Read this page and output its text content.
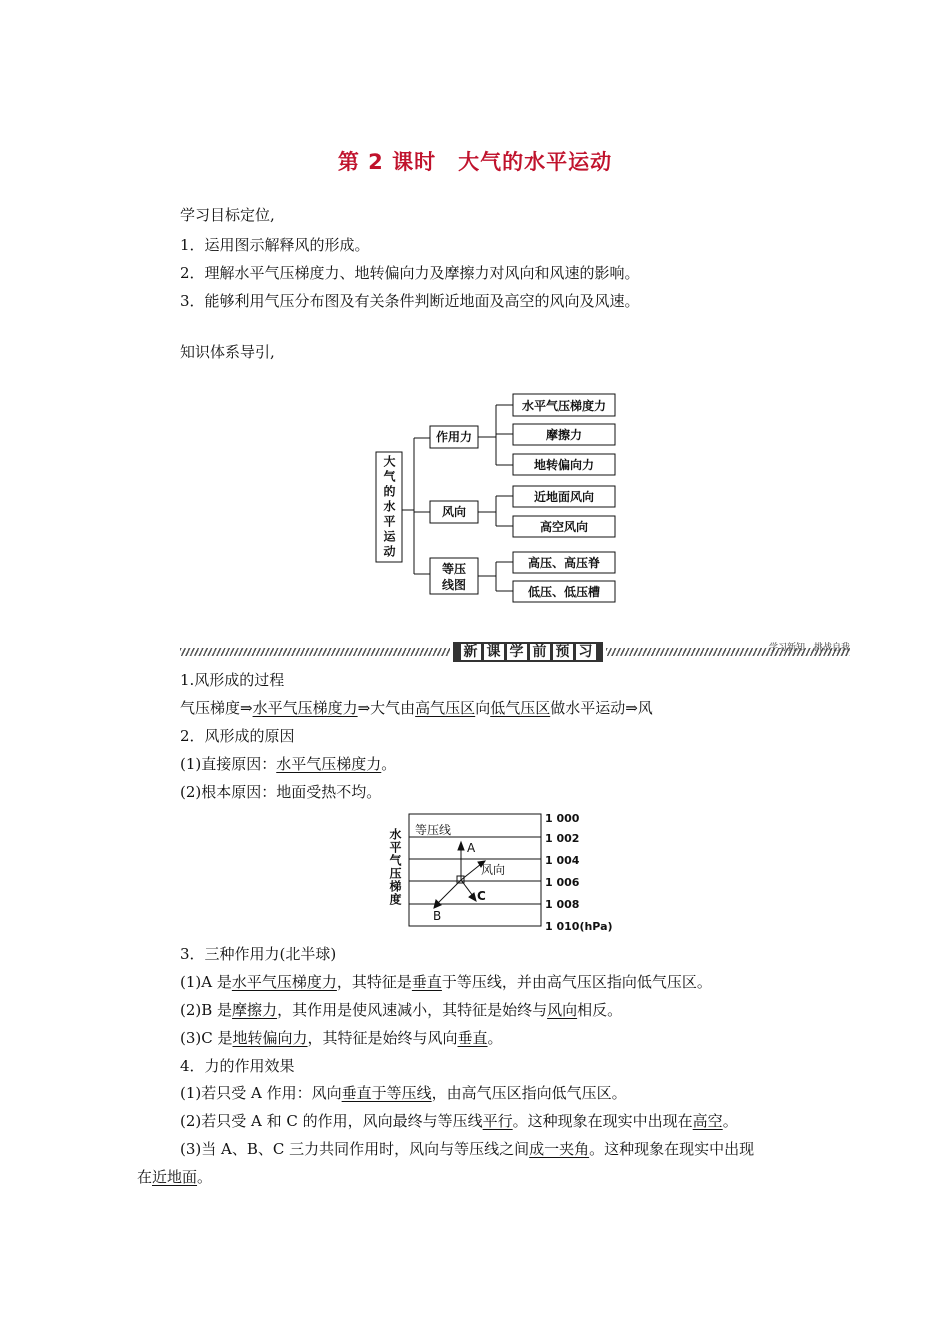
第 2 课时　大气的水平运动
学习目标定位,
1．运用图示解释风的形成。
2．理解水平气压梯度力、地转偏向力及摩擦力对风向和风速的影响。
3．能够利用气压分布图及有关条件判断近地面及高空的风向及风速。
知识体系导引,
大气的水平运动
作用力
风向
等压
线图
水平气压梯度力
摩擦力
地转偏向力
近地面风向
高空风向
高压、高压脊
低压、低压槽
新 课 学 前 预 习	学习新知　挑战自我
1.风形成的过程
气压梯度⇒水平气压梯度力⇒大气由高气压区向低气压区做水平运动⇒风
2．风形成的原因
(1)直接原因：水平气压梯度力。
(2)根本原因：地面受热不均。
水平气压梯度 等压线
A
风向
C
B
1 000
1 002
1 004
1 006
1 008
1 010(hPa)
3．三种作用力(北半球)
(1)A 是水平气压梯度力，其特征是垂直于等压线，并由高气压区指向低气压区。
(2)B 是摩擦力，其作用是使风速减小，其特征是始终与风向相反。
(3)C 是地转偏向力，其特征是始终与风向垂直。
4．力的作用效果
(1)若只受 A 作用：风向垂直于等压线，由高气压区指向低气压区。
(2)若只受 A 和 C 的作用，风向最终与等压线平行。这种现象在现实中出现在高空。
(3)当 A、B、C 三力共同作用时，风向与等压线之间成一夹角。这种现象在现实中出现
在近地面。
